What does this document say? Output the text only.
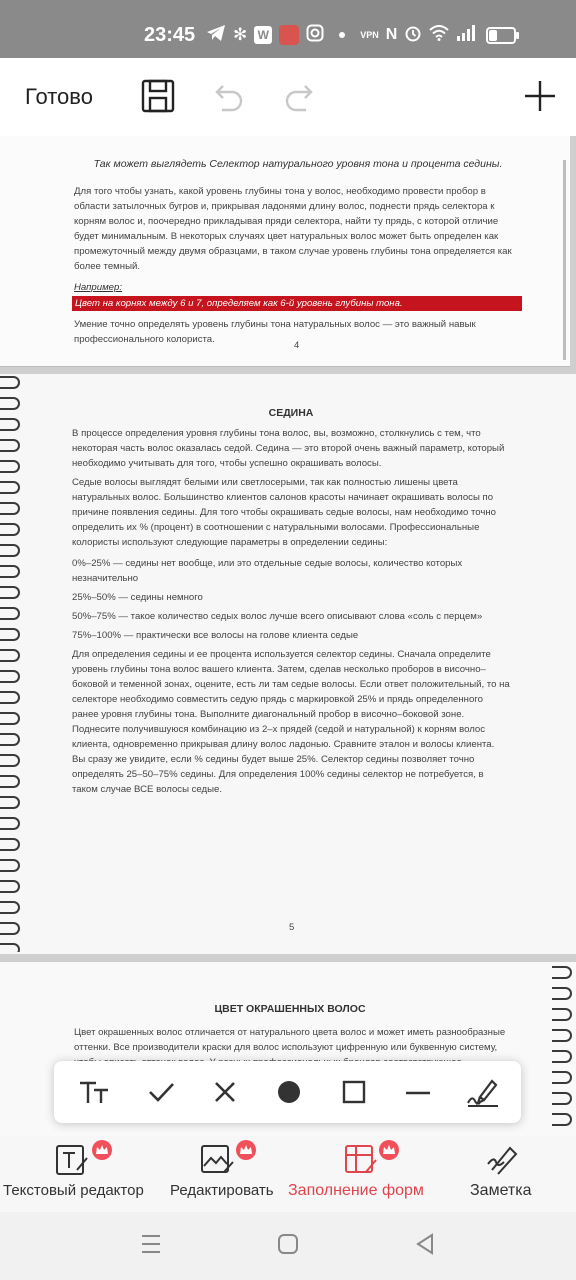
23:45 ✻ W	VPN N
Готово
Так может выглядеть Селектор натурального уровня тона и процента седины.

Для того чтобы узнать, какой уровень глубины тона у волос, необходимо провести пробор в области затылочных бугров и, прикрывая ладонями длину волос, поднести прядь селектора к корням волос и, поочередно прикладывая пряди селектора, найти ту прядь, с которой отличие будет минимальным. В некоторых случаях цвет натуральных волос может быть определен как промежуточный между двумя образцами, в таком случае уровень глубины тона определяется как более темный.

Например:
Цвет на корнях между 6 и 7, определяем как 6-й уровень глубины тона.

Умение точно определять уровень глубины тона натуральных волос — это важный навык профессионального колориста.

4
СЕДИНА

В процессе определения уровня глубины тона волос, вы, возможно, столкнулись с тем, что некоторая часть волос оказалась седой. Седина — это второй очень важный параметр, который необходимо учитывать для того, чтобы успешно окрашивать волосы.

Седые волосы выглядят белыми или светлосерыми, так как полностью лишены цвета натуральных волос. Большинство клиентов салонов красоты начинает окрашивать волосы по причине появления седины. Для того чтобы окрашивать седые волосы, нам необходимо точно определить их % (процент) в соотношении с натуральными волосами. Профессиональные колористы используют следующие параметры в определении седины:

0%–25% — седины нет вообще, или это отдельные седые волосы, количество которых незначительно

25%–50% — седины немного

50%–75% — такое количество седых волос лучше всего описывают слова «соль с перцем»

75%–100% — практически все волосы на голове клиента седые

Для определения седины и ее процента используется селектор седины. Сначала определите уровень глубины тона волос вашего клиента. Затем, сделав несколько проборов в височно–боковой и теменной зонах, оцените, есть ли там седые волосы. Если ответ положительный, то на селекторе необходимо совместить седую прядь с маркировкой 25% и прядь определенного ранее уровня глубины тона. Выполните диагональный пробор в височно–боковой зоне. Поднесите получившуюся комбинацию из 2–х прядей (седой и натуральной) к корням волос клиента, одновременно прикрывая длину волос ладонью. Сравните эталон и волосы клиента. Вы сразу же увидите, если % седины будет выше 25%. Селектор седины позволяет точно определять 25–50–75% седины. Для определения 100% седины селектор не потребуется, в таком случае ВСЕ волосы седые.

5
ЦВЕТ ОКРАШЕННЫХ ВОЛОС

Цвет окрашенных волос отличается от натурального цвета волос и может иметь разнообразные оттенки. Все производители краски для волос используют цифренную или буквенную систему,

Текстовый редактор Редактировать Заполнение форм	Заметка
